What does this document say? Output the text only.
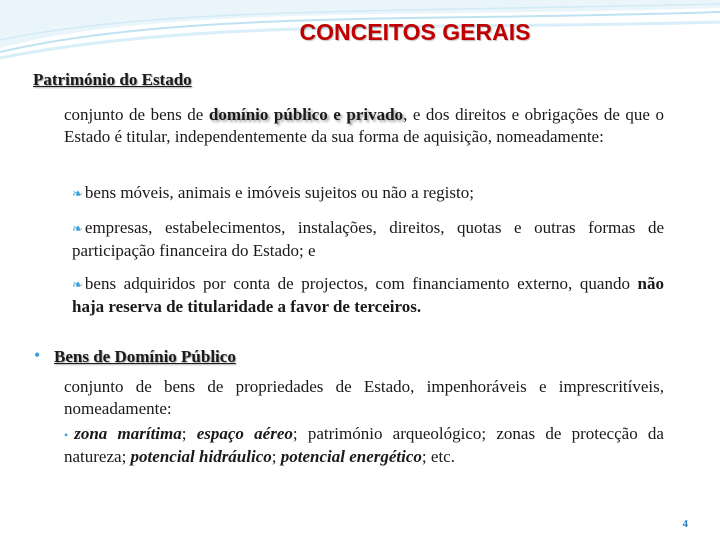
CONCEITOS GERAIS
Património do Estado
conjunto de bens de domínio público e privado, e dos direitos e obrigações de que o Estado é titular, independentemente da sua forma de aquisição, nomeadamente:
❧ bens móveis, animais e imóveis sujeitos ou não a registo;
❧ empresas, estabelecimentos, instalações, direitos, quotas e outras formas de participação financeira do Estado; e
❧ bens adquiridos por conta de projectos, com financiamento externo, quando não haja reserva de titularidade a favor de terceiros.
• Bens de Domínio Público
conjunto de bens de propriedades de Estado, impenhoráveis e imprescritíveis, nomeadamente:
• zona marítima; espaço aéreo; património arqueológico; zonas de protecção da natureza; potencial hidráulico; potencial energético; etc.
4
